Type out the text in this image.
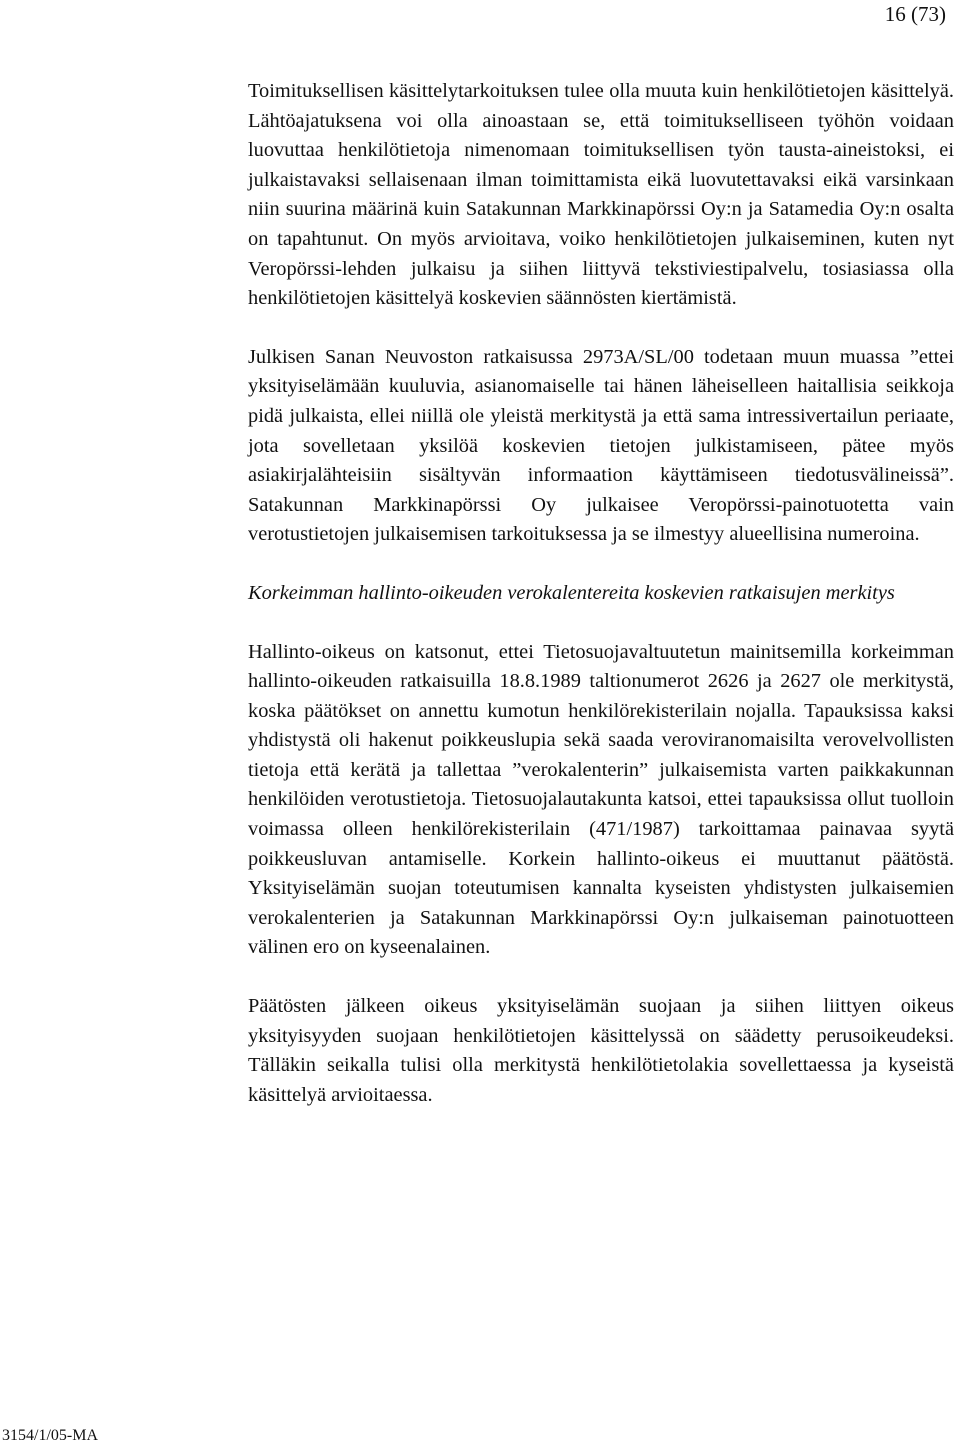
16 (73)

Toimituksellisen käsittelytarkoituksen tulee olla muuta kuin henkilötietojen käsittelyä. Lähtöajatuksena voi olla ainoastaan se, että toimitukselliseen työhön voidaan luovuttaa henkilötietoja nimenomaan toimituksellisen työn tausta-aineistoksi, ei julkaistavaksi sellaisenaan ilman toimittamista eikä luovutettavaksi eikä varsinkaan niin suurina määrinä kuin Satakunnan Markkinapörssi Oy:n ja Satamedia Oy:n osalta on tapahtunut. On myös arvioitava, voiko henkilötietojen julkaiseminen, kuten nyt Veropörssi-lehden julkaisu ja siihen liittyvä tekstiviestipalvelu, tosiasiassa olla henkilötietojen käsittelyä koskevien säännösten kiertämistä.

Julkisen Sanan Neuvoston ratkaisussa 2973A/SL/00 todetaan muun muassa ”ettei yksityiselämään kuuluvia, asianomaiselle tai hänen läheiselleen haitallisia seikkoja pidä julkaista, ellei niillä ole yleistä merkitystä ja että sama intressivertailun periaate, jota sovelletaan yksilöä koskevien tietojen julkistamiseen, pätee myös asiakirjalähteisiin sisältyvän informaation käyttämiseen tiedotusvälineissä”. Satakunnan Markkinapörssi Oy julkaisee Veropörssi-painotuotetta vain verotustietojen julkaisemisen tarkoituksessa ja se ilmestyy alueellisina numeroina.

Korkeimman hallinto-oikeuden verokalentereita koskevien ratkaisujen merkitys

Hallinto-oikeus on katsonut, ettei Tietosuojavaltuutetun mainitsemilla korkeimman hallinto-oikeuden ratkaisuilla 18.8.1989 taltionumerot 2626 ja 2627 ole merkitystä, koska päätökset on annettu kumotun henkilörekisterilain nojalla. Tapauksissa kaksi yhdistystä oli hakenut poikkeuslupia sekä saada veroviranomaisilta verovelvollisten tietoja että kerätä ja tallettaa ”verokalenterin” julkaisemista varten paikkakunnan henkilöiden verotustietoja. Tietosuojalautakunta katsoi, ettei tapauksissa ollut tuolloin voimassa olleen henkilörekisterilain (471/1987) tarkoittamaa painavaa syytä poikkeusluvan antamiselle. Korkein hallinto-oikeus ei muuttanut päätöstä. Yksityiselämän suojan toteutumisen kannalta kyseisten yhdistysten julkaisemien verokalenterien ja Satakunnan Markkinapörssi Oy:n julkaiseman painotuotteen välinen ero on kyseenalainen.

Päätösten jälkeen oikeus yksityiselämän suojaan ja siihen liittyen oikeus yksityisyyden suojaan henkilötietojen käsittelyssä on säädetty perusoikeudeksi. Tälläkin seikalla tulisi olla merkitystä henkilötietolakia sovellettaessa ja kyseistä käsittelyä arvioitaessa.

3154/1/05-MA
